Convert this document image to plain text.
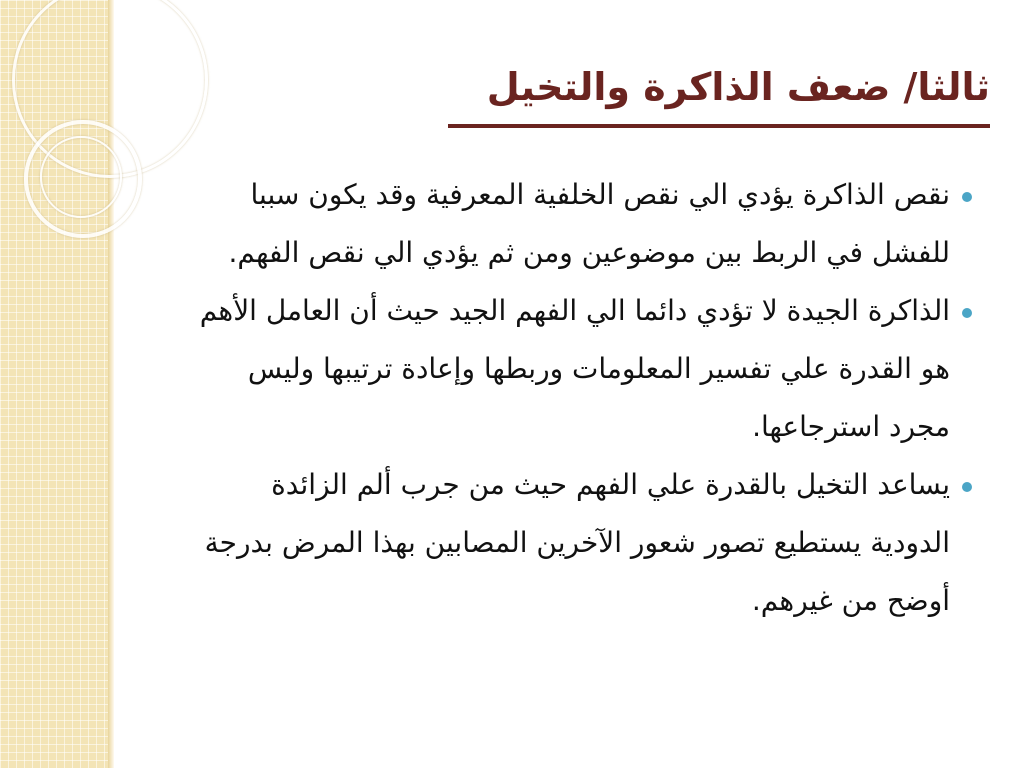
ثالثا/ ضعف الذاكرة والتخيل
نقص الذاكرة يؤدي الي نقص الخلفية المعرفية وقد يكون سببا للفشل في الربط بين موضوعين ومن ثم يؤدي الي نقص الفهم.
الذاكرة الجيدة لا تؤدي دائما الي الفهم الجيد حيث أن العامل الأهم هو القدرة علي تفسير المعلومات وربطها وإعادة ترتيبها وليس مجرد استرجاعها.
يساعد التخيل بالقدرة علي الفهم حيث من جرب ألم الزائدة الدودية يستطيع تصور شعور الآخرين المصابين بهذا المرض بدرجة أوضح من غيرهم.
